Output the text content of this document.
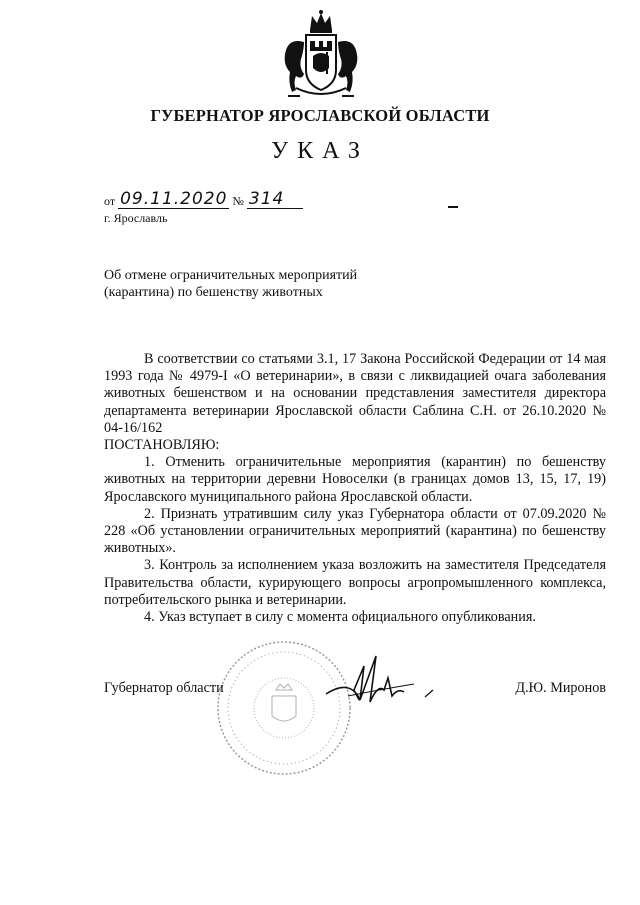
ГУБЕРНАТОР ЯРОСЛАВСКОЙ ОБЛАСТИ
УКАЗ
от 09.11.2020 № 314
г. Ярославль
Об отмене ограничительных мероприятий (карантина) по бешенству животных

В соответствии со статьями 3.1, 17 Закона Российской Федерации от 14 мая 1993 года № 4979-I «О ветеринарии», в связи с ликвидацией очага заболевания животных бешенством и на основании представления заместителя директора департамента ветеринарии Ярославской области Саблина С.Н. от 26.10.2020 № 04-16/162

ПОСТАНОВЛЯЮ:

1. Отменить ограничительные мероприятия (карантин) по бешенству животных на территории деревни Новоселки (в границах домов 13, 15, 17, 19) Ярославского муниципального района Ярославской области.

2. Признать утратившим силу указ Губернатора области от 07.09.2020 № 228 «Об установлении ограничительных мероприятий (карантина) по бешенству животных».

3. Контроль за исполнением указа возложить на заместителя Председателя Правительства области, курирующего вопросы агропромышленного комплекса, потребительского рынка и ветеринарии.

4. Указ вступает в силу с момента официального опубликования.

Губернатор области	Д.Ю. Миронов
